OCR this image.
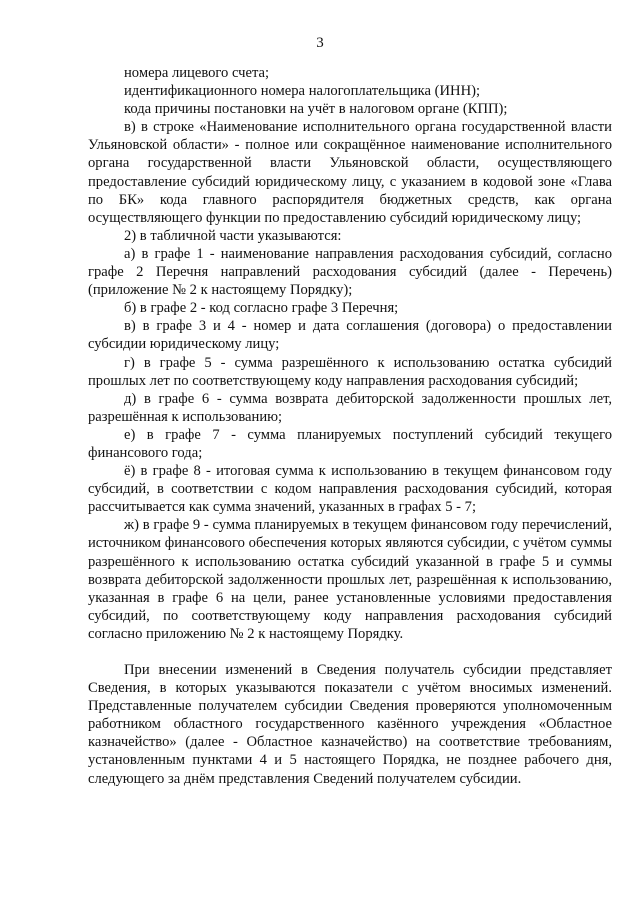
3

номера лицевого счета;

идентификационного номера налогоплательщика (ИНН);

кода причины постановки на учёт в налоговом органе (КПП);

в) в строке «Наименование исполнительного органа государственной власти Ульяновской области» - полное или сокращённое наименование исполнительного органа государственной власти Ульяновской области, осуществляющего предоставление субсидий юридическому лицу, с указанием в кодовой зоне «Глава по БК» кода главного распорядителя бюджетных средств, как органа осуществляющего функции по предоставлению субсидий юридическому лицу;

2) в табличной части указываются:

а) в графе 1 - наименование направления расходования субсидий, согласно графе 2 Перечня направлений расходования субсидий (далее - Перечень) (приложение № 2 к настоящему Порядку);

б) в графе 2 - код согласно графе 3 Перечня;

в) в графе 3 и 4 - номер и дата соглашения (договора) о предоставлении субсидии юридическому лицу;

г) в графе 5 - сумма разрешённого к использованию остатка субсидий прошлых лет по соответствующему коду направления расходования субсидий;

д) в графе 6 - сумма возврата дебиторской задолженности прошлых лет, разрешённая к использованию;

е) в графе 7 - сумма планируемых поступлений субсидий текущего финансового года;

ё) в графе 8 - итоговая сумма к использованию в текущем финансовом году субсидий, в соответствии с кодом направления расходования субсидий, которая рассчитывается как сумма значений, указанных в графах 5 - 7;

ж) в графе 9 - сумма планируемых в текущем финансовом году перечислений, источником финансового обеспечения которых являются субсидии, с учётом суммы разрешённого к использованию остатка субсидий указанной в графе 5 и суммы возврата дебиторской задолженности прошлых лет, разрешённая к использованию, указанная в графе 6 на цели, ранее установленные условиями предоставления субсидий, по соответствующему коду направления расходования субсидий согласно приложению № 2 к настоящему Порядку.

При внесении изменений в Сведения получатель субсидии представляет Сведения, в которых указываются показатели с учётом вносимых изменений. Представленные получателем субсидии Сведения проверяются уполномоченным работником областного государственного казённого учреждения «Областное казначейство» (далее - Областное казначейство) на соответствие требованиям, установленным пунктами 4 и 5 настоящего Порядка, не позднее рабочего дня, следующего за днём представления Сведений получателем субсидии.
